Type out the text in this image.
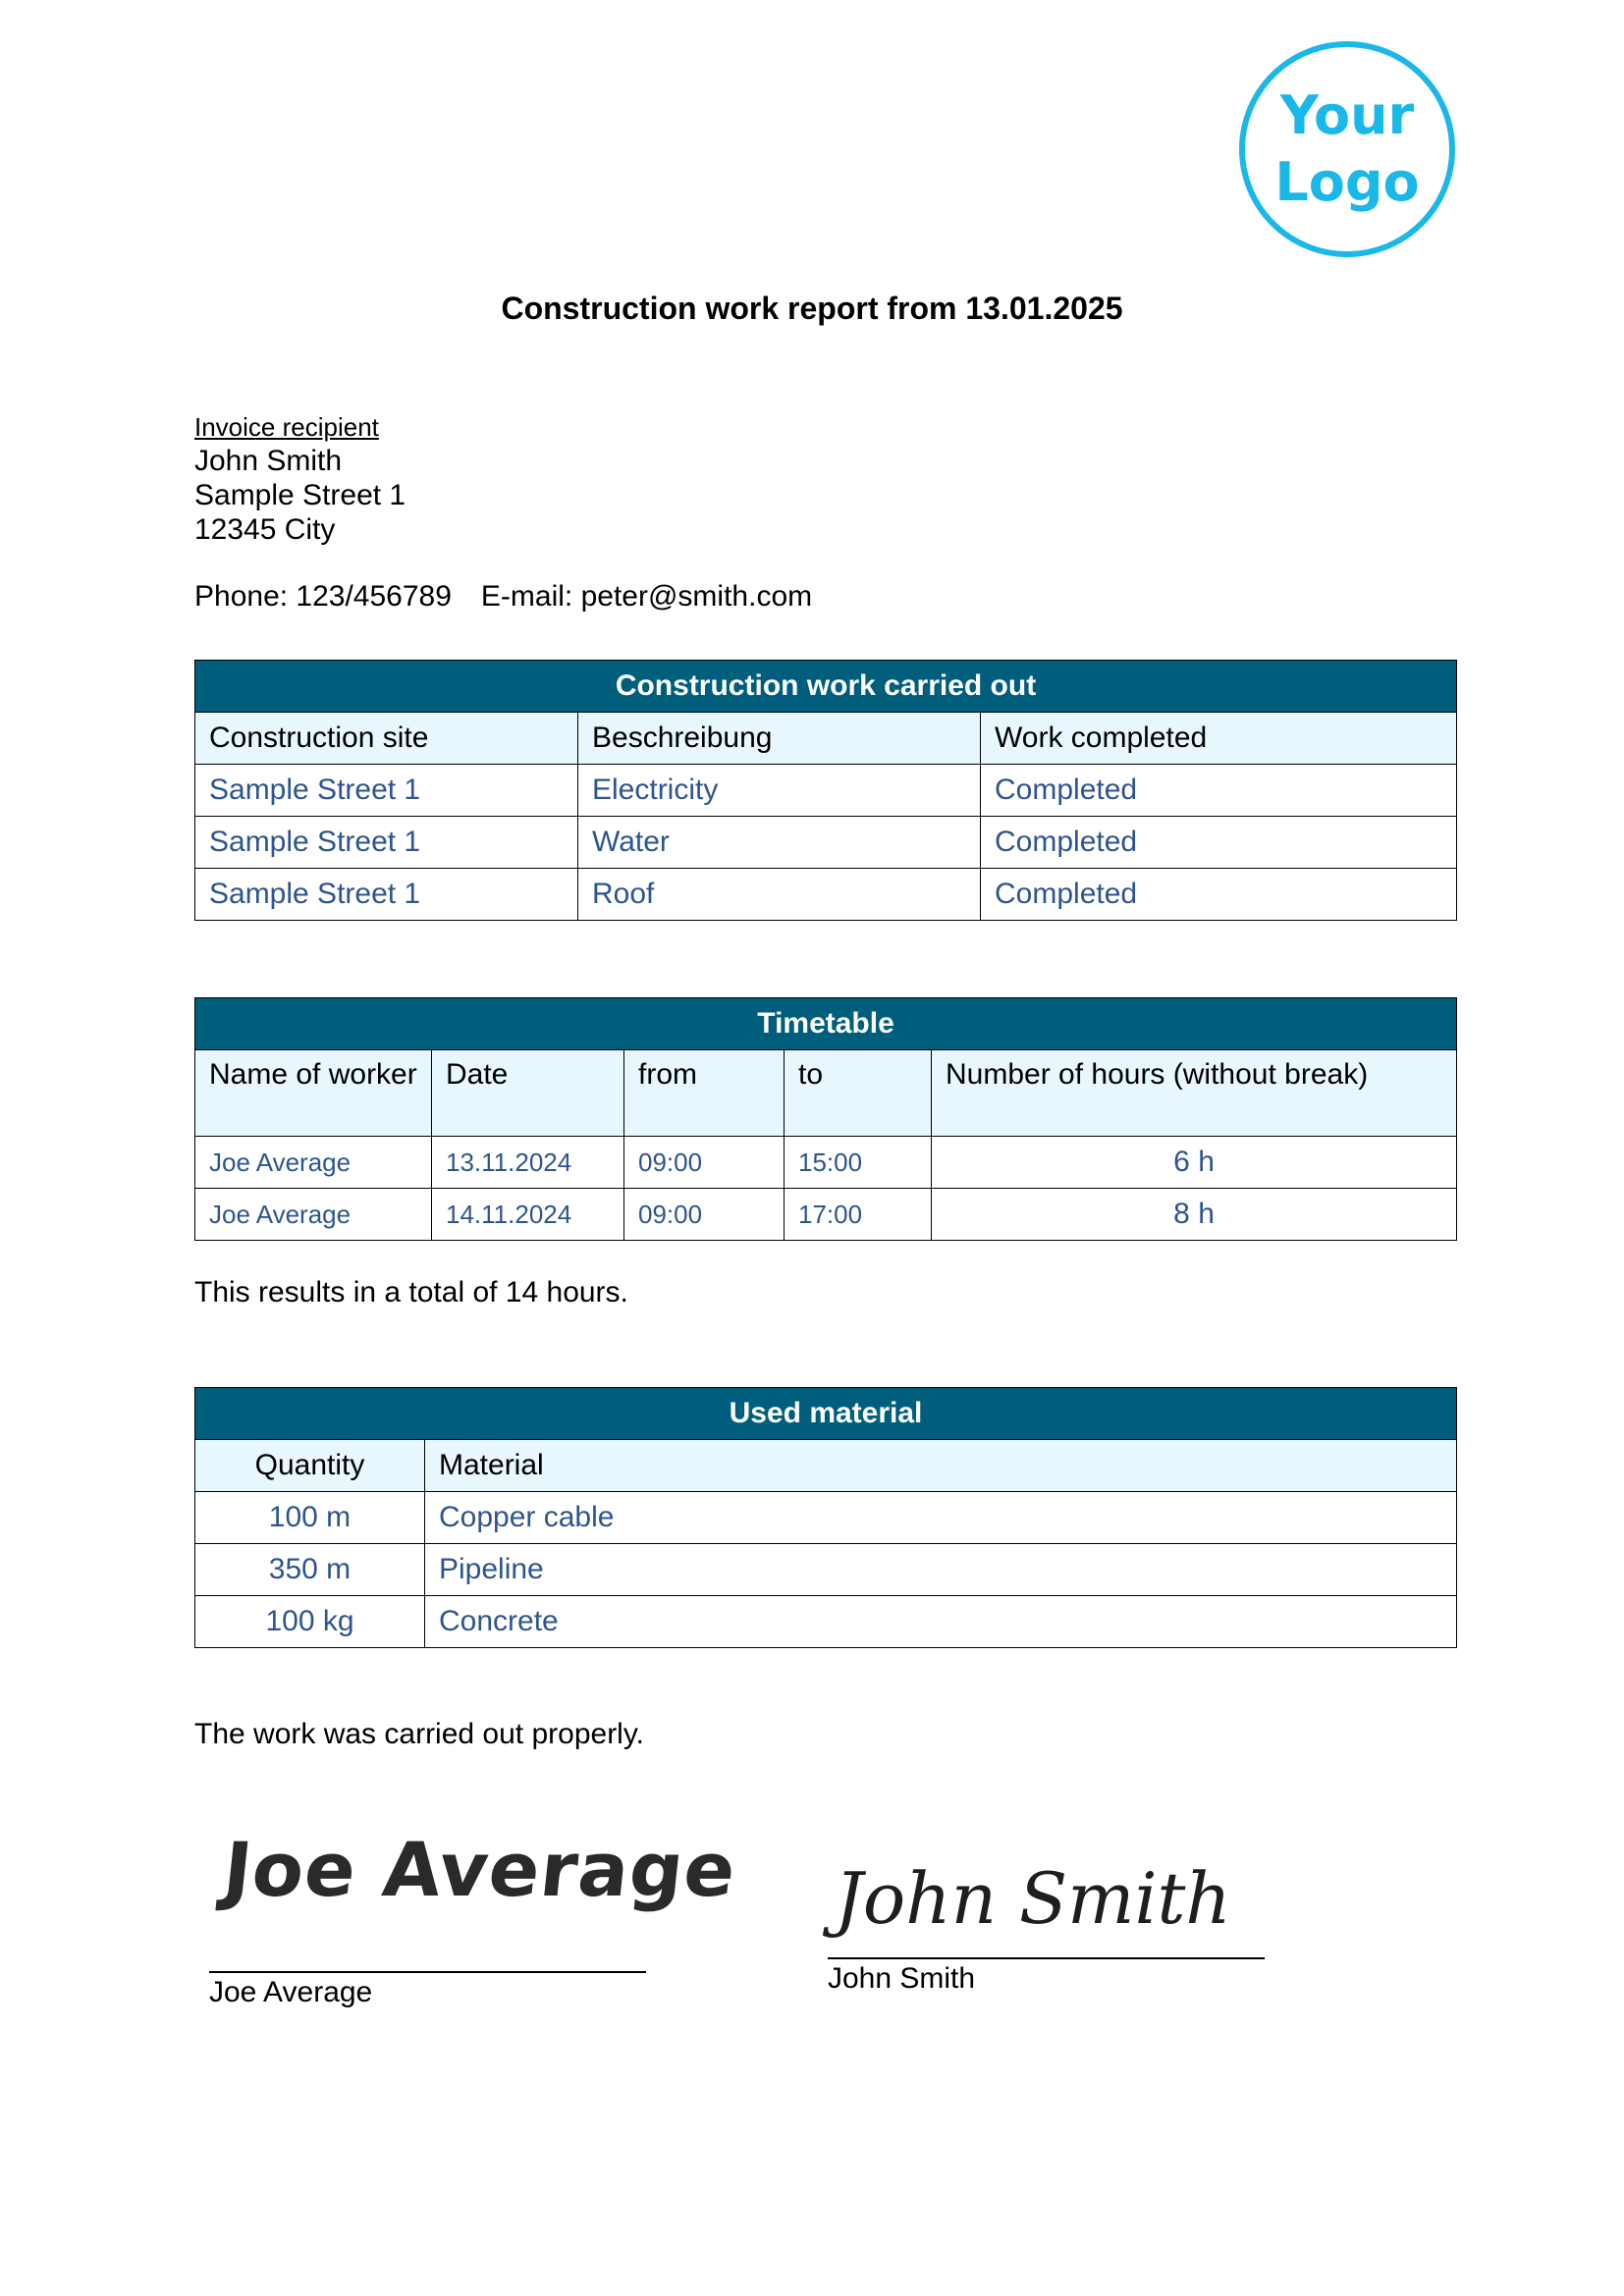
Your
Logo
Construction work report from 13.01.2025
Invoice recipient
John Smith
Sample Street 1
12345 City
Phone: 123/456789 E-mail: peter@smith.com
Construction work carried out		
Construction site	Beschreibung	Work completed
Sample Street 1	Electricity	Completed
Sample Street 1	Water	Completed
Sample Street 1	Roof	Completed
Timetable				
Name of worker	Date	from	to	Number of hours (without break)
Joe Average	13.11.2024	09:00	15:00	6 h
Joe Average	14.11.2024	09:00	17:00	8 h
This results in a total of 14 hours.
Used material	
Quantity	Material
100 m	Copper cable
350 m	Pipeline
100 kg	Concrete
The work was carried out properly.
Joe Average
Joe Average
John Smith
John Smith
